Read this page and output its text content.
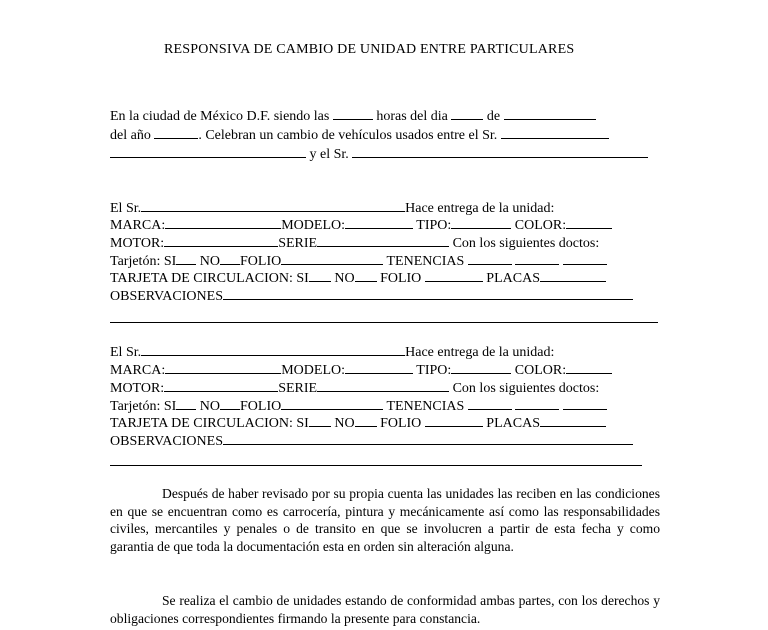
RESPONSIVA DE CAMBIO DE UNIDAD ENTRE PARTICULARES
En la ciudad de México D.F. siendo las	horas del dia	de
del año	. Celebran un cambio de vehículos usados entre el Sr.
y el Sr.
El Sr.	Hace entrega de la unidad:
MARCA:	MODELO:	TIPO:	COLOR:
MOTOR:	SERIE	Con los siguientes doctos:
Tarjetón: SI NO FOLIO	TENENCIAS
TARJETA DE CIRCULACION: SI NO FOLIO	PLACAS
OBSERVACIONES
El Sr.	Hace entrega de la unidad:
MARCA:	MODELO:	TIPO:	COLOR:
MOTOR:	SERIE	Con los siguientes doctos:
Tarjetón: SI NO FOLIO	TENENCIAS
TARJETA DE CIRCULACION: SI NO FOLIO	PLACAS
OBSERVACIONES
Después de haber revisado por su propia cuenta las unidades las reciben en las condiciones en que se encuentran como es carrocería, pintura y mecánicamente así como las responsabilidades civiles, mercantiles y penales o de transito en que se involucren a partir de esta fecha y como garantia de que toda la documentación esta en orden sin alteración alguna.
Se realiza el cambio de unidades estando de conformidad ambas partes, con los derechos y obligaciones correspondientes firmando la presente para constancia.
